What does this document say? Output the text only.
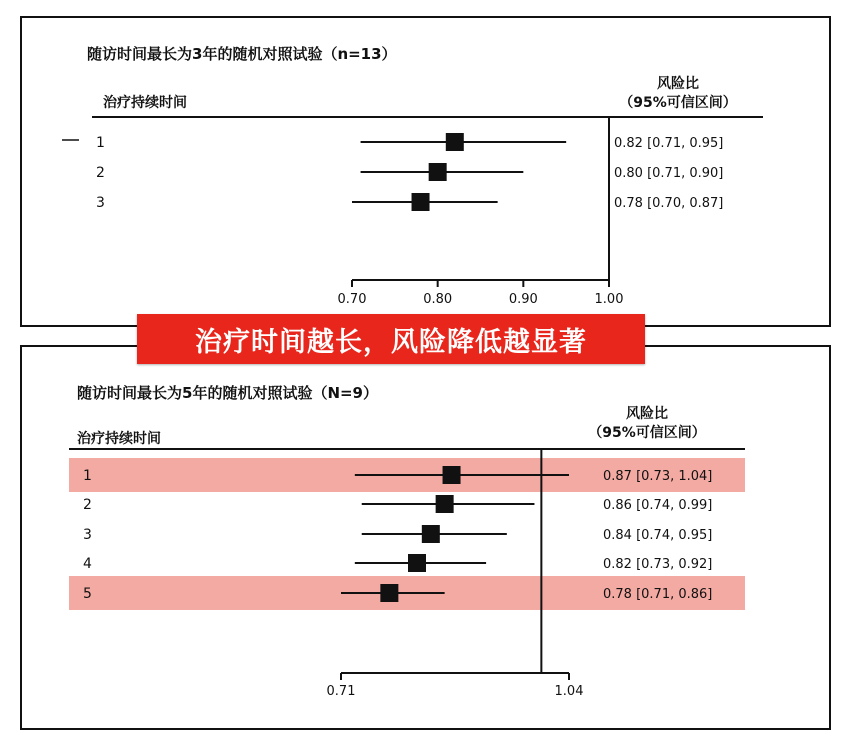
随访时间最长为3年的随机对照试验（n=13）
治疗持续时间
风险比
（95%可信区间）
随访时间最长为5年的随机对照试验（N=9）
治疗持续时间
风险比
（95%可信区间）
0.70	0.80	0.90	1.00
1	0.82 [0.71, 0.95]
2	0.80 [0.71, 0.90]
3	0.78 [0.70, 0.87]
0.71	1.04
1	0.87 [0.73, 1.04]
2	0.86 [0.74, 0.99]
3	0.84 [0.74, 0.95]
4	0.82 [0.73, 0.92]
5	0.78 [0.71, 0.86]
治疗时间越长，风险降低越显著
